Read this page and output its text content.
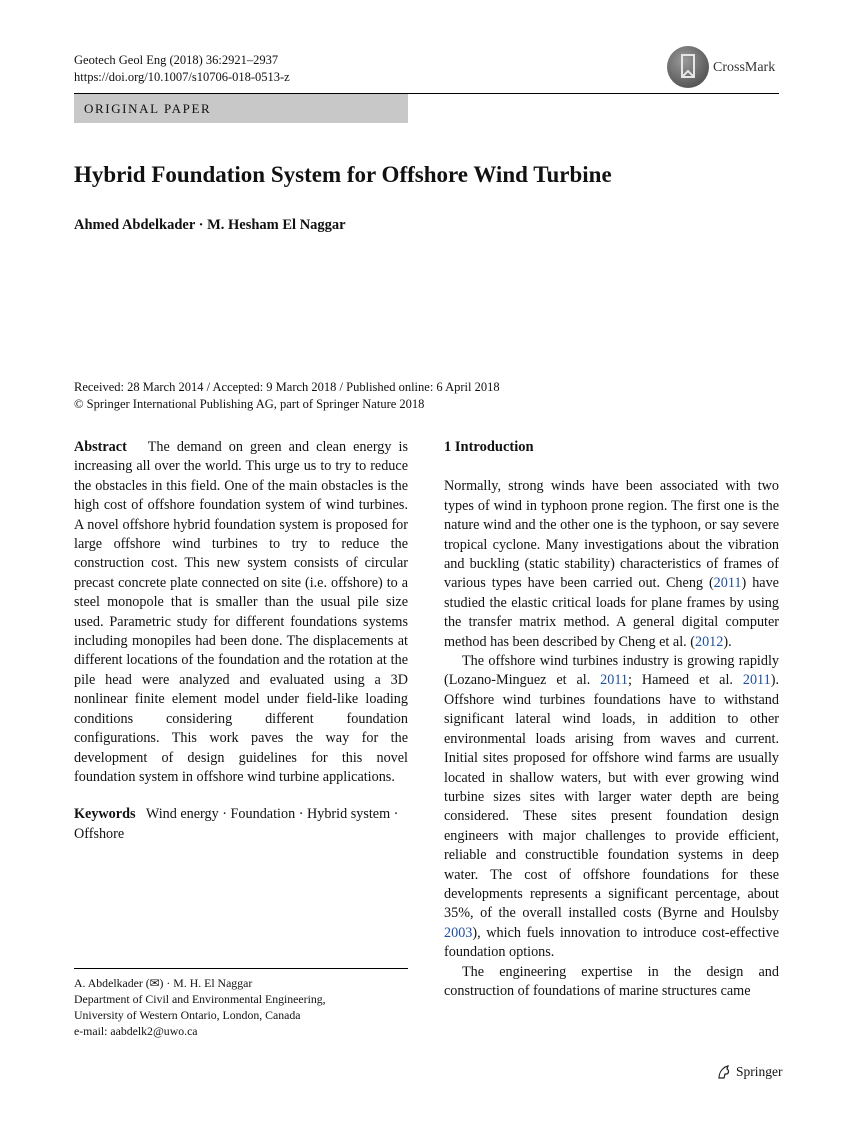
Geotech Geol Eng (2018) 36:2921–2937
https://doi.org/10.1007/s10706-018-0513-z
CrossMark
ORIGINAL PAPER
Hybrid Foundation System for Offshore Wind Turbine
Ahmed Abdelkader · M. Hesham El Naggar
Received: 28 March 2014 / Accepted: 9 March 2018 / Published online: 6 April 2018
© Springer International Publishing AG, part of Springer Nature 2018

Abstract The demand on green and clean energy is increasing all over the world. This urge us to try to reduce the obstacles in this field. One of the main obstacles is the high cost of offshore foundation system of wind turbines. A novel offshore hybrid foundation system is proposed for large offshore wind turbines to try to reduce the construction cost. This new system consists of circular precast concrete plate connected on site (i.e. offshore) to a steel monopole that is smaller than the usual pile size used. Parametric study for different foundations systems including monopiles had been done. The displacements at different locations of the foundation and the rotation at the pile head were analyzed and evaluated using a 3D nonlinear finite element model under field-like loading conditions considering different foundation configurations. This work paves the way for the development of design guidelines for this novel foundation system in offshore wind turbine applications.

Keywords Wind energy · Foundation · Hybrid system · Offshore

1 Introduction

Normally, strong winds have been associated with two types of wind in typhoon prone region. The first one is the nature wind and the other one is the typhoon, or say severe tropical cyclone. Many investigations about the vibration and buckling (static stability) characteristics of frames of various types have been carried out. Cheng (2011) have studied the elastic critical loads for plane frames by using the transfer matrix method. A general digital computer method has been described by Cheng et al. (2012).

The offshore wind turbines industry is growing rapidly (Lozano-Minguez et al. 2011; Hameed et al. 2011). Offshore wind turbines foundations have to withstand significant lateral wind loads, in addition to other environmental loads arising from waves and current. Initial sites proposed for offshore wind farms are usually located in shallow waters, but with ever growing wind turbine sizes sites with larger water depth are being considered. These sites present foundation design engineers with major challenges to provide efficient, reliable and constructible foundation systems in deep water. The cost of offshore foundations for these developments represents a significant percentage, about 35%, of the overall installed costs (Byrne and Houlsby 2003), which fuels innovation to introduce cost-effective foundation options.

The engineering expertise in the design and construction of foundations of marine structures came

A. Abdelkader (✉) · M. H. El Naggar
Department of Civil and Environmental Engineering,
University of Western Ontario, London, Canada
e-mail: aabdelk2@uwo.ca
Springer
